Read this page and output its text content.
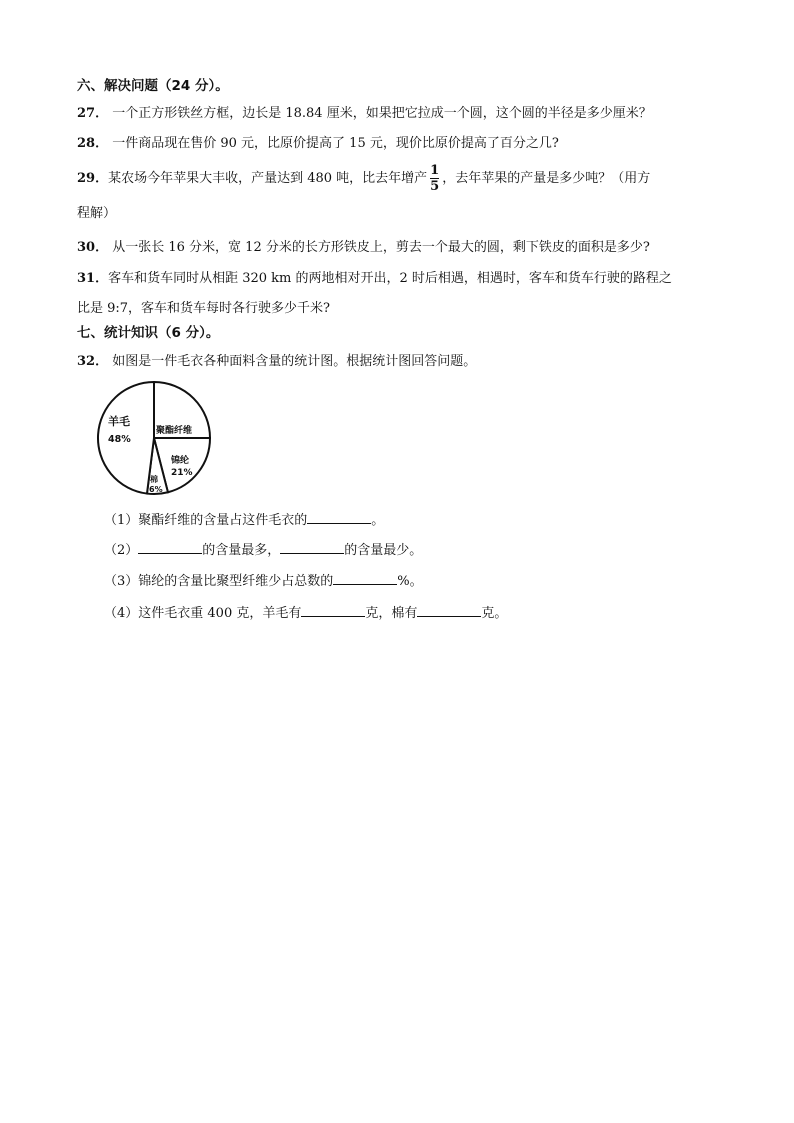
六、解决问题（24 分）。
27． 一个正方形铁丝方框，边长是 18.84 厘米，如果把它拉成一个圆，这个圆的半径是多少厘米？
28． 一件商品现在售价 90 元，比原价提高了 15 元，现价比原价提高了百分之几?
29．某农场今年苹果大丰收，产量达到 480 吨，比去年增产 $\frac{1}{5}$ ，去年苹果的产量是多少吨？（用方
程解）
30． 从一张长 16 分米，宽 12 分米的长方形铁皮上，剪去一个最大的圆，剩下铁皮的面积是多少?
31．客车和货车同时从相距 320 km 的两地相对开出，2 时后相遇，相遇时，客车和货车行驶的路程之
比是 9:7，客车和货车每时各行驶多少千米?
七、统计知识（6 分）。
32． 如图是一件毛衣各种面料含量的统计图。根据统计图回答问题。
羊毛
48%
聚酯纤维
锦纶
21%
棉
6%
（1）聚酯纤维的含量占这件毛衣的	。
（2）	的含量最多，	的含量最少。
（3）锦纶的含量比聚型纤维少占总数的	%。
（4）这件毛衣重 400 克，羊毛有	克，棉有	克。
